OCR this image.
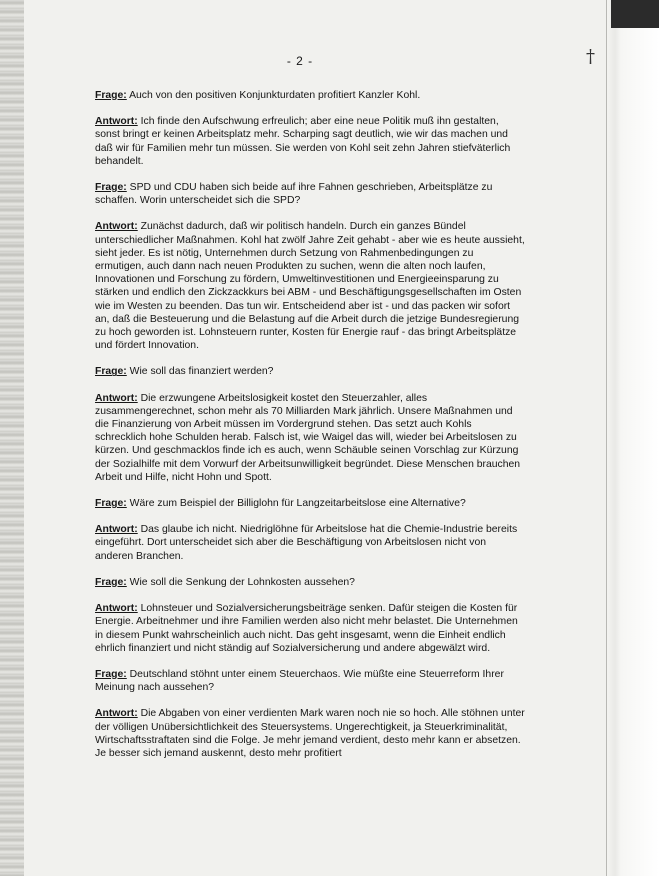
†
- 2 -

Frage: Auch von den positiven Konjunkturdaten profitiert Kanzler Kohl.

Antwort: Ich finde den Aufschwung erfreulich; aber eine neue Politik muß ihn gestalten, sonst bringt er keinen Arbeitsplatz mehr. Scharping sagt deutlich, wie wir das machen und daß wir für Familien mehr tun müssen. Sie werden von Kohl seit zehn Jahren stiefväterlich behandelt.

Frage: SPD und CDU haben sich beide auf ihre Fahnen geschrieben, Arbeitsplätze zu schaffen. Worin unterscheidet sich die SPD?

Antwort: Zunächst dadurch, daß wir politisch handeln. Durch ein ganzes Bündel unterschiedlicher Maßnahmen. Kohl hat zwölf Jahre Zeit gehabt - aber wie es heute aussieht, sieht jeder. Es ist nötig, Unternehmen durch Setzung von Rahmenbedingungen zu ermutigen, auch dann nach neuen Produkten zu suchen, wenn die alten noch laufen, Innovationen und Forschung zu fördern, Umweltinvestitionen und Energieeinsparung zu stärken und endlich den Zickzackkurs bei ABM - und Beschäftigungsgesellschaften im Osten wie im Westen zu beenden. Das tun wir. Entscheidend aber ist - und das packen wir sofort an, daß die Besteuerung und die Belastung auf die Arbeit durch die jetzige Bundesregierung zu hoch geworden ist. Lohnsteuern runter, Kosten für Energie rauf - das bringt Arbeitsplätze und fördert Innovation.

Frage: Wie soll das finanziert werden?

Antwort: Die erzwungene Arbeitslosigkeit kostet den Steuerzahler, alles zusammengerechnet, schon mehr als 70 Milliarden Mark jährlich. Unsere Maßnahmen und die Finanzierung von Arbeit müssen im Vordergrund stehen. Das setzt auch Kohls schrecklich hohe Schulden herab. Falsch ist, wie Waigel das will, wieder bei Arbeitslosen zu kürzen. Und geschmacklos finde ich es auch, wenn Schäuble seinen Vorschlag zur Kürzung der Sozialhilfe mit dem Vorwurf der Arbeitsunwilligkeit begründet. Diese Menschen brauchen Arbeit und Hilfe, nicht Hohn und Spott.

Frage: Wäre zum Beispiel der Billiglohn für Langzeitarbeitslose eine Alternative?

Antwort: Das glaube ich nicht. Niedriglöhne für Arbeitslose hat die Chemie-Industrie bereits eingeführt. Dort unterscheidet sich aber die Beschäftigung von Arbeitslosen nicht von anderen Branchen.

Frage: Wie soll die Senkung der Lohnkosten aussehen?

Antwort: Lohnsteuer und Sozialversicherungsbeiträge senken. Dafür steigen die Kosten für Energie. Arbeitnehmer und ihre Familien werden also nicht mehr belastet. Die Unternehmen in diesem Punkt wahrscheinlich auch nicht. Das geht insgesamt, wenn die Einheit endlich ehrlich finanziert und nicht ständig auf Sozialversicherung und andere abgewälzt wird.

Frage: Deutschland stöhnt unter einem Steuerchaos. Wie müßte eine Steuerreform Ihrer Meinung nach aussehen?

Antwort: Die Abgaben von einer verdienten Mark waren noch nie so hoch. Alle stöhnen unter der völligen Unübersichtlichkeit des Steuersystems. Ungerechtigkeit, ja Steuerkriminalität, Wirtschaftsstraftaten sind die Folge. Je mehr jemand verdient, desto mehr kann er absetzen. Je besser sich jemand auskennt, desto mehr profitiert
